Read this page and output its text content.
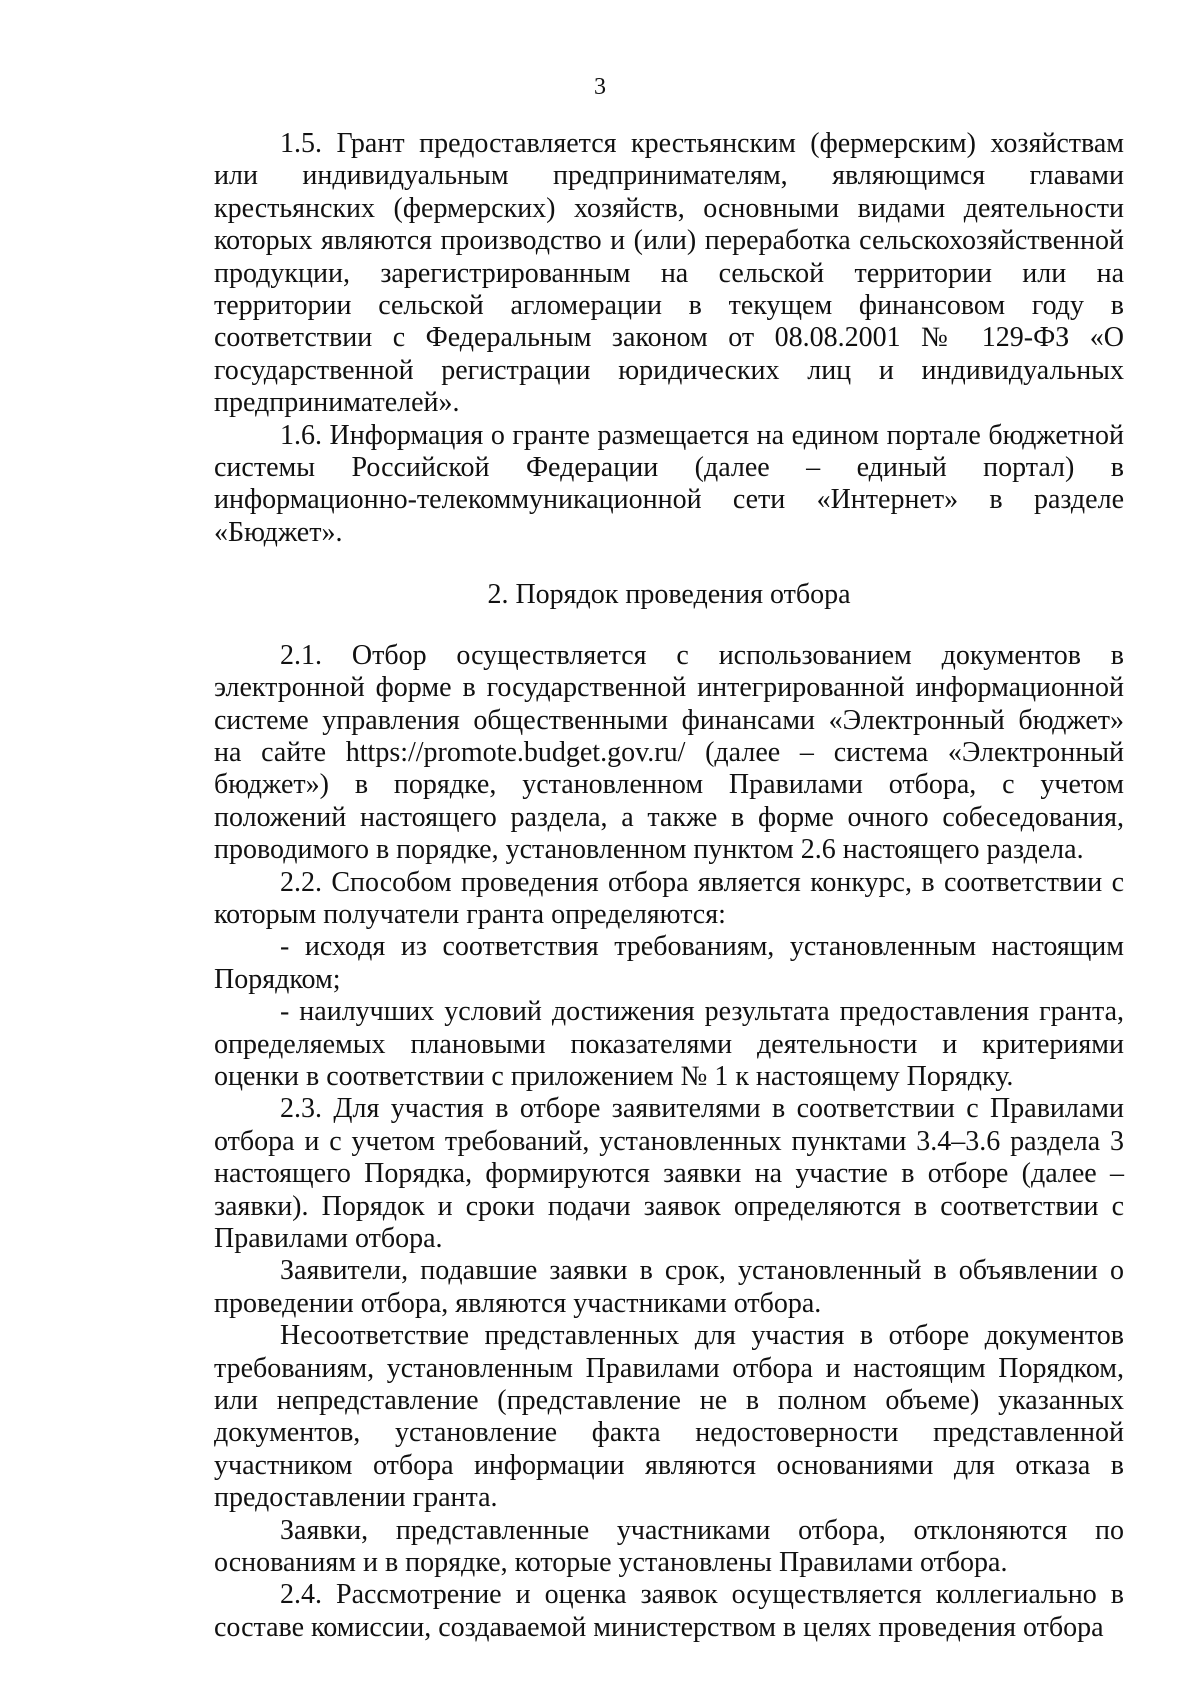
3

1.5. Грант предоставляется крестьянским (фермерским) хозяйствам или индивидуальным предпринимателям, являющимся главами крестьянских (фермерских) хозяйств, основными видами деятельности которых являются производство и (или) переработка сельскохозяйственной продукции, зарегистрированным на сельской территории или на территории сельской агломерации в текущем финансовом году в соответствии с Федеральным законом от 08.08.2001 № 129-ФЗ «О государственной регистрации юридических лиц и индивидуальных предпринимателей».

1.6. Информация о гранте размещается на едином портале бюджетной системы Российской Федерации (далее – единый портал) в информационно-телекоммуникационной сети «Интернет» в разделе «Бюджет».

2. Порядок проведения отбора

2.1. Отбор осуществляется с использованием документов в электронной форме в государственной интегрированной информационной системе управления общественными финансами «Электронный бюджет» на сайте https://promote.budget.gov.ru/ (далее – система «Электронный бюджет») в порядке, установленном Правилами отбора, с учетом положений настоящего раздела, а также в форме очного собеседования, проводимого в порядке, установленном пунктом 2.6 настоящего раздела.

2.2. Способом проведения отбора является конкурс, в соответствии с которым получатели гранта определяются:

- исходя из соответствия требованиям, установленным настоящим Порядком;

- наилучших условий достижения результата предоставления гранта, определяемых плановыми показателями деятельности и критериями оценки в соответствии с приложением № 1 к настоящему Порядку.

2.3. Для участия в отборе заявителями в соответствии с Правилами отбора и с учетом требований, установленных пунктами 3.4–3.6 раздела 3 настоящего Порядка, формируются заявки на участие в отборе (далее – заявки). Порядок и сроки подачи заявок определяются в соответствии с Правилами отбора.

Заявители, подавшие заявки в срок, установленный в объявлении о проведении отбора, являются участниками отбора.

Несоответствие представленных для участия в отборе документов требованиям, установленным Правилами отбора и настоящим Порядком, или непредставление (представление не в полном объеме) указанных документов, установление факта недостоверности представленной участником отбора информации являются основаниями для отказа в предоставлении гранта.

Заявки, представленные участниками отбора, отклоняются по основаниям и в порядке, которые установлены Правилами отбора.

2.4. Рассмотрение и оценка заявок осуществляется коллегиально в составе комиссии, создаваемой министерством в целях проведения отбора
